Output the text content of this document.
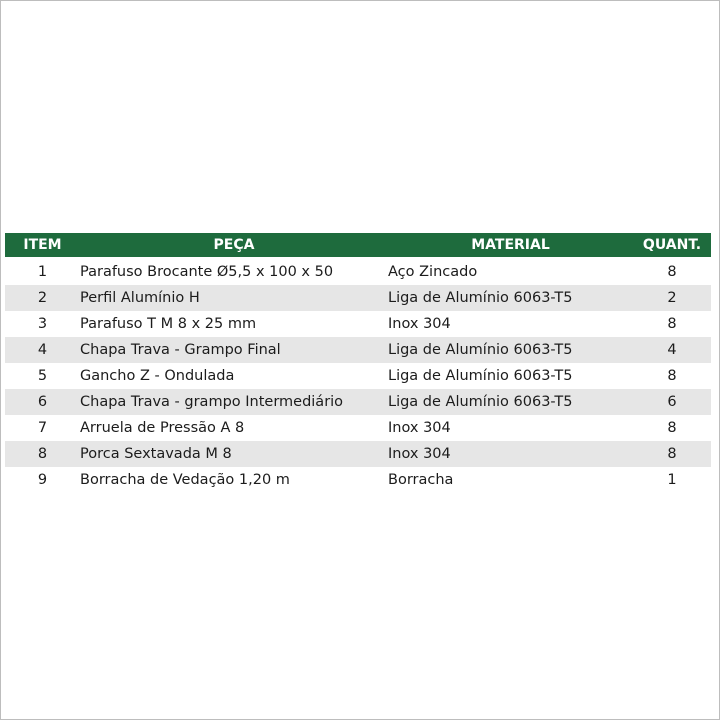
ITEM	PEÇA	MATERIAL	QUANT.
1	Parafuso Brocante Ø5,5 x 100 x 50	Aço Zincado	8
2	Perfil Alumínio H	Liga de Alumínio 6063-T5	2
3	Parafuso T M 8 x 25 mm	Inox 304	8
4	Chapa Trava - Grampo Final	Liga de Alumínio 6063-T5	4
5	Gancho Z - Ondulada	Liga de Alumínio 6063-T5	8
6	Chapa Trava - grampo Intermediário	Liga de Alumínio 6063-T5	6
7	Arruela de Pressão A 8	Inox 304	8
8	Porca Sextavada M 8	Inox 304	8
9	Borracha de Vedação 1,20 m	Borracha	1
